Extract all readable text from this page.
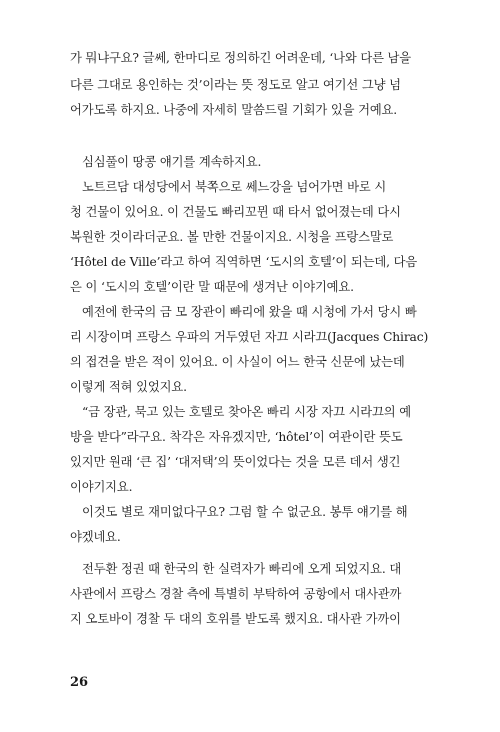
가 뭐냐구요? 글쎄, 한마디로 정의하긴 어려운데, ‘나와 다른 남을
다른 그대로 용인하는 것’이라는 뜻 정도로 알고 여기선 그냥 넘
어가도록 하지요. 나중에 자세히 말씀드릴 기회가 있을 거예요.
심심풀이 땅콩 얘기를 계속하지요.
노트르담 대성당에서 북쪽으로 쎄느강을 넘어가면 바로 시
청 건물이 있어요. 이 건물도 빠리꼬뮌 때 타서 없어졌는데 다시
복원한 것이라더군요. 볼 만한 건물이지요. 시청을 프랑스말로
‘Hôtel de Ville’라고 하여 직역하면 ‘도시의 호텔’이 되는데, 다음
은 이 ‘도시의 호텔’이란 말 때문에 생겨난 이야기예요.
예전에 한국의 금 모 장관이 빠리에 왔을 때 시청에 가서 당시 빠
리 시장이며 프랑스 우파의 거두였던 자끄 시라끄(Jacques Chirac)
의 접견을 받은 적이 있어요. 이 사실이 어느 한국 신문에 났는데
이렇게 적혀 있었지요.
“금 장관, 묵고 있는 호텔로 찾아온 빠리 시장 자끄 시라끄의 예
방을 받다”라구요. 착각은 자유겠지만, ‘hôtel’이 여관이란 뜻도
있지만 원래 ‘큰 집’ ‘대저택’의 뜻이었다는 것을 모른 데서 생긴
이야기지요.
이것도 별로 재미없다구요? 그럼 할 수 없군요. 봉투 얘기를 해
야겠네요.
전두환 정권 때 한국의 한 실력자가 빠리에 오게 되었지요. 대
사관에서 프랑스 경찰 측에 특별히 부탁하여 공항에서 대사관까
지 오토바이 경찰 두 대의 호위를 받도록 했지요. 대사관 가까이
26
